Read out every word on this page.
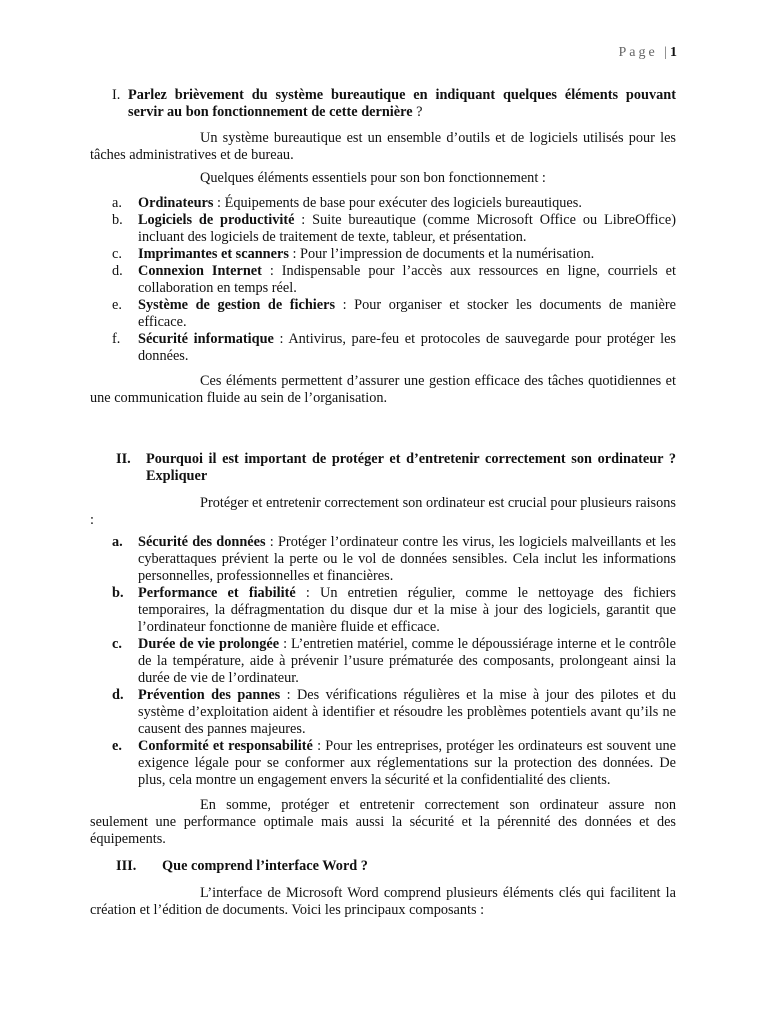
Page |1
I. Parlez brièvement du système bureautique en indiquant quelques éléments pouvant servir au bon fonctionnement de cette dernière ?

Un système bureautique est un ensemble d’outils et de logiciels utilisés pour les tâches administratives et de bureau.

Quelques éléments essentiels pour son bon fonctionnement :

a.	Ordinateurs : Équipements de base pour exécuter des logiciels bureautiques.
b.	Logiciels de productivité : Suite bureautique (comme Microsoft Office ou LibreOffice) incluant des logiciels de traitement de texte, tableur, et présentation.
c.	Imprimantes et scanners : Pour l’impression de documents et la numérisation.
d.	Connexion Internet : Indispensable pour l’accès aux ressources en ligne, courriels et collaboration en temps réel.
e.	Système de gestion de fichiers : Pour organiser et stocker les documents de manière efficace.
f.	Sécurité informatique : Antivirus, pare-feu et protocoles de sauvegarde pour protéger les données.

Ces éléments permettent d’assurer une gestion efficace des tâches quotidiennes et une communication fluide au sein de l’organisation.

II.	Pourquoi il est important de protéger et d’entretenir correctement son ordinateur ? Expliquer

Protéger et entretenir correctement son ordinateur est crucial pour plusieurs raisons :

a.	Sécurité des données : Protéger l’ordinateur contre les virus, les logiciels malveillants et les cyberattaques prévient la perte ou le vol de données sensibles. Cela inclut les informations personnelles, professionnelles et financières.
b.	Performance et fiabilité : Un entretien régulier, comme le nettoyage des fichiers temporaires, la défragmentation du disque dur et la mise à jour des logiciels, garantit que l’ordinateur fonctionne de manière fluide et efficace.
c.	Durée de vie prolongée : L’entretien matériel, comme le dépoussiérage interne et le contrôle de la température, aide à prévenir l’usure prématurée des composants, prolongeant ainsi la durée de vie de l’ordinateur.
d.	Prévention des pannes : Des vérifications régulières et la mise à jour des pilotes et du système d’exploitation aident à identifier et résoudre les problèmes potentiels avant qu’ils ne causent des pannes majeures.
e.	Conformité et responsabilité : Pour les entreprises, protéger les ordinateurs est souvent une exigence légale pour se conformer aux réglementations sur la protection des données. De plus, cela montre un engagement envers la sécurité et la confidentialité des clients.

En somme, protéger et entretenir correctement son ordinateur assure non seulement une performance optimale mais aussi la sécurité et la pérennité des données et des équipements.

III.	Que comprend l’interface Word ?

L’interface de Microsoft Word comprend plusieurs éléments clés qui facilitent la création et l’édition de documents. Voici les principaux composants :
